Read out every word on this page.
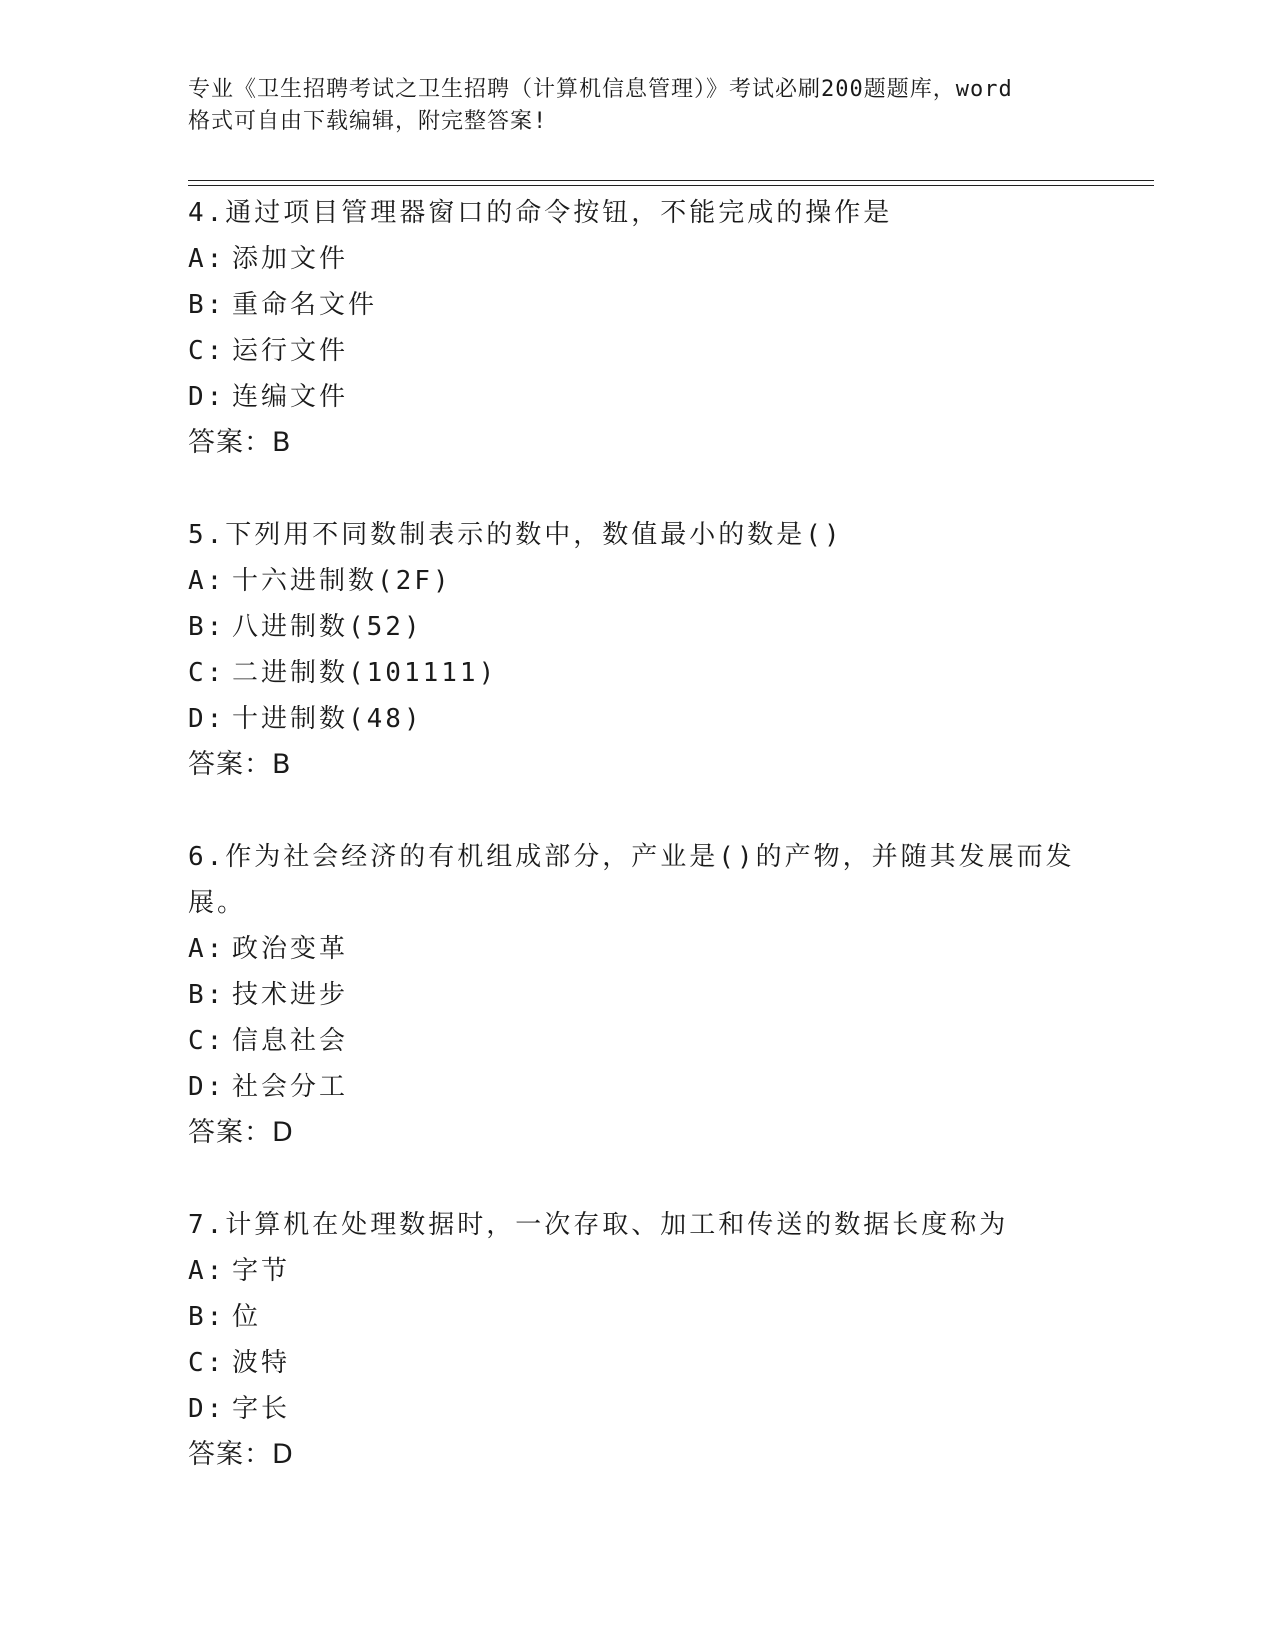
专业《卫生招聘考试之卫生招聘（计算机信息管理）》考试必刷200题题库，word
格式可自由下载编辑，附完整答案!

4.通过项目管理器窗口的命令按钮，不能完成的操作是

A: 添加文件

B: 重命名文件

C: 运行文件

D: 连编文件

答案：B

5.下列用不同数制表示的数中，数值最小的数是()

A: 十六进制数(2F)

B: 八进制数(52)

C: 二进制数(101111)

D: 十进制数(48)

答案：B

6.作为社会经济的有机组成部分，产业是()的产物，并随其发展而发展。

A: 政治变革

B: 技术进步

C: 信息社会

D: 社会分工

答案：D

7.计算机在处理数据时，一次存取、加工和传送的数据长度称为

A: 字节

B: 位

C: 波特

D: 字长

答案：D
